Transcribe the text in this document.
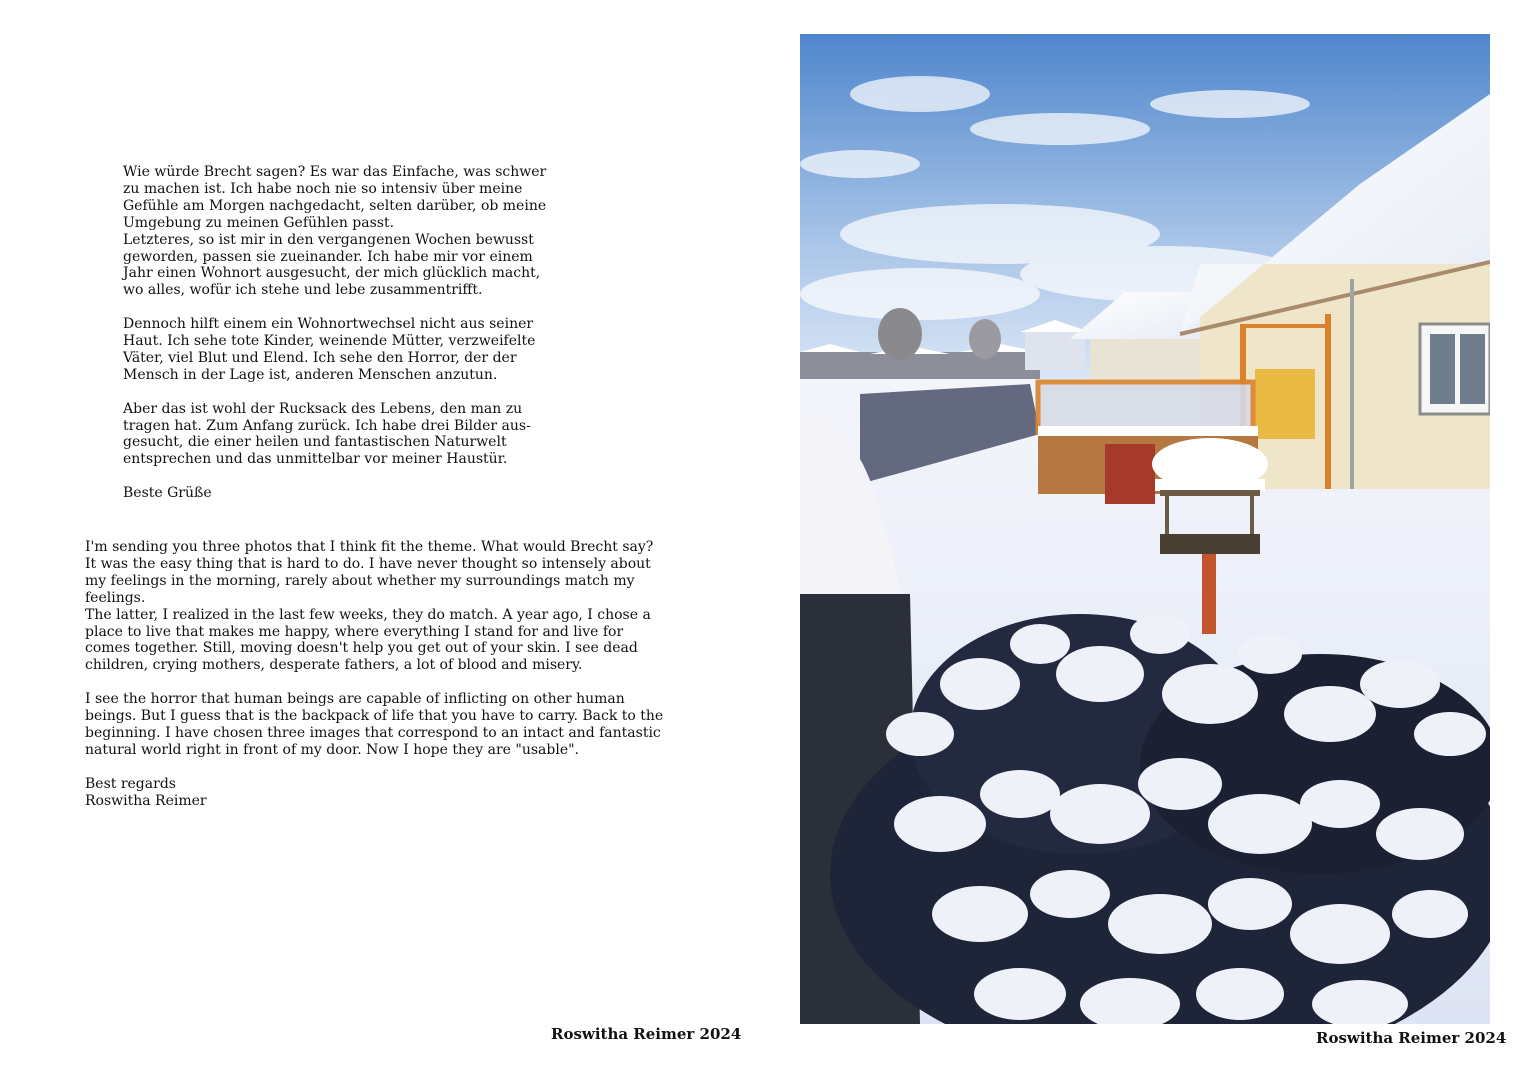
Wie würde Brecht sagen? Es war das Einfache, was schwer
zu machen ist. Ich habe noch nie so intensiv über meine
Gefühle am Morgen nachgedacht, selten darüber, ob meine
Umgebung zu meinen Gefühlen passt.
Letzteres, so ist mir in den vergangenen Wochen bewusst
geworden, passen sie zueinander. Ich habe mir vor einem
Jahr einen Wohnort ausgesucht, der mich glücklich macht,
wo alles, wofür ich stehe und lebe zusammentrifft.

Dennoch hilft einem ein Wohnortwechsel nicht aus seiner
Haut. Ich sehe tote Kinder, weinende Mütter, verzweifelte
Väter, viel Blut und Elend. Ich sehe den Horror, der der
Mensch in der Lage ist, anderen Menschen anzutun.

Aber das ist wohl der Rucksack des Lebens, den man zu
tragen hat. Zum Anfang zurück. Ich habe drei Bilder aus-
gesucht, die einer heilen und fantastischen Naturwelt
entsprechen und das unmittelbar vor meiner Haustür.

Beste Grüße

I'm sending you three photos that I think fit the theme. What would Brecht say?
It was the easy thing that is hard to do. I have never thought so intensely about
my feelings in the morning, rarely about whether my surroundings match my
feelings.
The latter, I realized in the last few weeks, they do match. A year ago, I chose a
place to live that makes me happy, where everything I stand for and live for
comes together. Still, moving doesn't help you get out of your skin. I see dead
children, crying mothers, desperate fathers, a lot of blood and misery.

I see the horror that human beings are capable of inflicting on other human
beings. But I guess that is the backpack of life that you have to carry. Back to the
beginning. I have chosen three images that correspond to an intact and fantastic
natural world right in front of my door. Now I hope they are "usable".

Best regards
Roswitha Reimer
Roswitha Reimer 2024	Roswitha Reimer 2024
